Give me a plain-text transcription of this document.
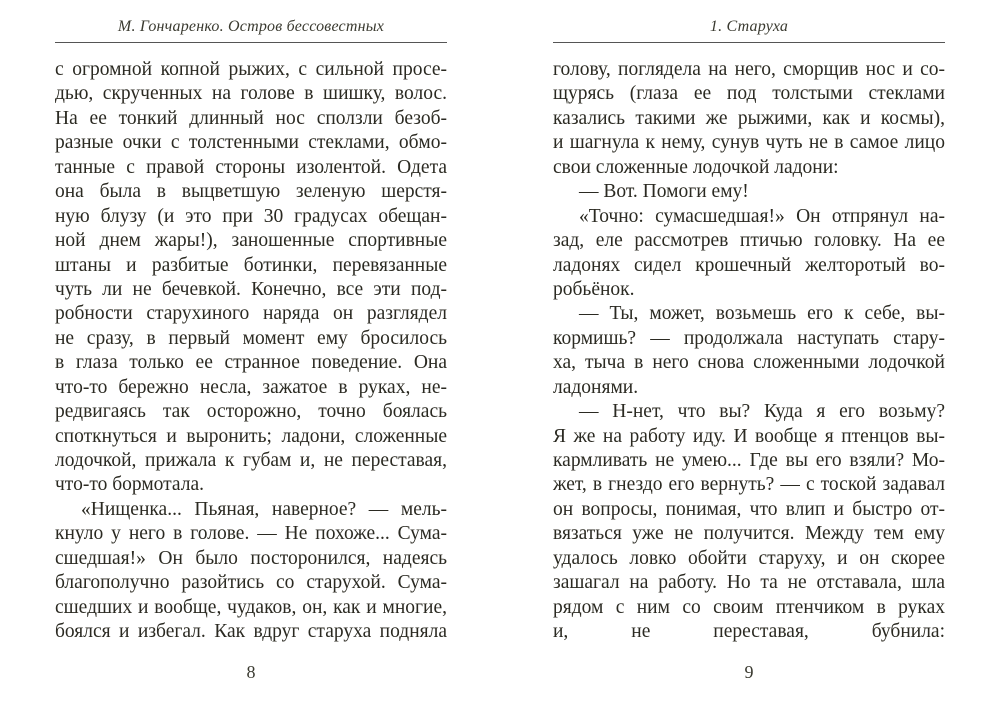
М. Гончаренко. Остров бессовестных
с огромной копной рыжих, с сильной просе-
дью, скрученных на голове в шишку, волос.
На ее тонкий длинный нос сползли безоб-
разные очки с толстенными стеклами, обмо-
танные с правой стороны изолентой. Одета
она была в выцветшую зеленую шерстя-
ную блузу (и это при 30 градусах обещан-
ной днем жары!), заношенные спортивные
штаны и разбитые ботинки, перевязанные
чуть ли не бечевкой. Конечно, все эти под-
робности старухиного наряда он разглядел
не сразу, в первый момент ему бросилось
в глаза только ее странное поведение. Она
что-то бережно несла, зажатое в руках, не-
редвигаясь так осторожно, точно боялась
споткнуться и выронить; ладони, сложенные
лодочкой, прижала к губам и, не переставая,
что-то бормотала.
«Нищенка... Пьяная, наверное? — мель-
кнуло у него в голове. — Не похоже... Сума-
сшедшая!» Он было посторонился, надеясь
благополучно разойтись со старухой. Сума-
сшедших и вообще, чудаков, он, как и многие,
боялся и избегал. Как вдруг старуха подняла
8
1. Старуха
голову, поглядела на него, сморщив нос и со-
щурясь (глаза ее под толстыми стеклами
казались такими же рыжими, как и космы),
и шагнула к нему, сунув чуть не в самое лицо
свои сложенные лодочкой ладони:
— Вот. Помоги ему!
«Точно: сумасшедшая!» Он отпрянул на-
зад, еле рассмотрев птичью головку. На ее
ладонях сидел крошечный желторотый во-
робьёнок.
— Ты, может, возьмешь его к себе, вы-
кормишь? — продолжала наступать стару-
ха, тыча в него снова сложенными лодочкой
ладонями.
— Н-нет, что вы? Куда я его возьму?
Я же на работу иду. И вообще я птенцов вы-
кармливать не умею... Где вы его взяли? Мо-
жет, в гнездо его вернуть? — с тоской задавал
он вопросы, понимая, что влип и быстро от-
вязаться уже не получится. Между тем ему
удалось ловко обойти старуху, и он скорее
зашагал на работу. Но та не отставала, шла
рядом с ним со своим птенчиком в руках
и, не переставая, бубнила:
9
